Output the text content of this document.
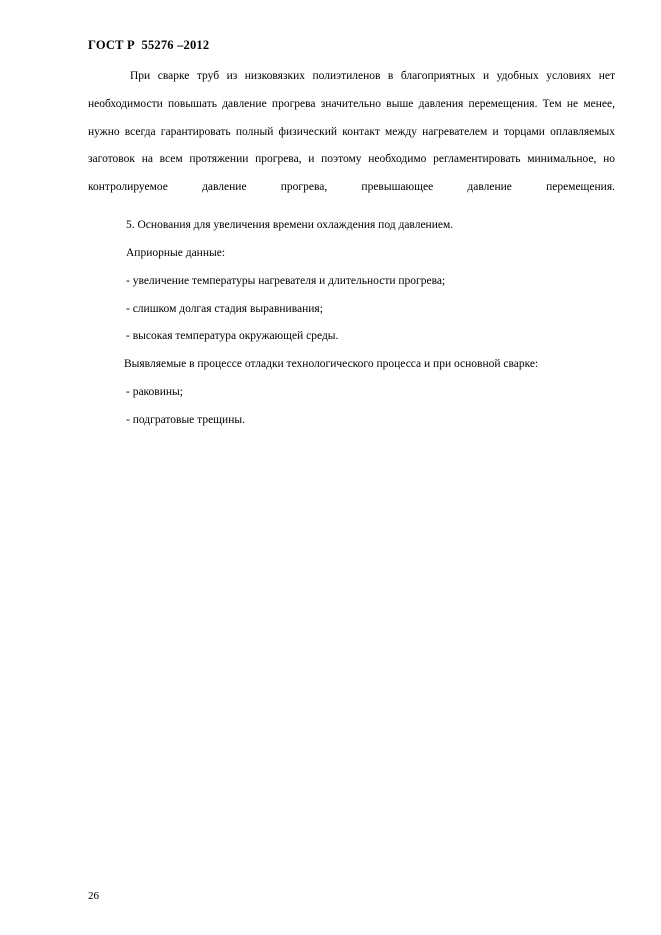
ГОСТ Р  55276 –2012

При сварке труб из низковязких полиэтиленов в благоприятных и удобных условиях нет необходимости повышать давление прогрева значительно выше давления перемещения. Тем не менее, нужно всегда гарантировать полный физический контакт между нагревателем и торцами оплавляемых заготовок на всем протяжении прогрева, и поэтому необходимо регламентировать минимальное, но контролируемое давление прогрева, превышающее давление перемещения.

5. Основания для увеличения времени охлаждения под давлением.

Априорные данные:

- увеличение температуры нагревателя и длительности прогрева;

- слишком долгая стадия выравнивания;

- высокая температура окружающей среды.

Выявляемые в процессе отладки технологического процесса и при основной сварке:

- раковины;

- подгратовые трещины.

26
